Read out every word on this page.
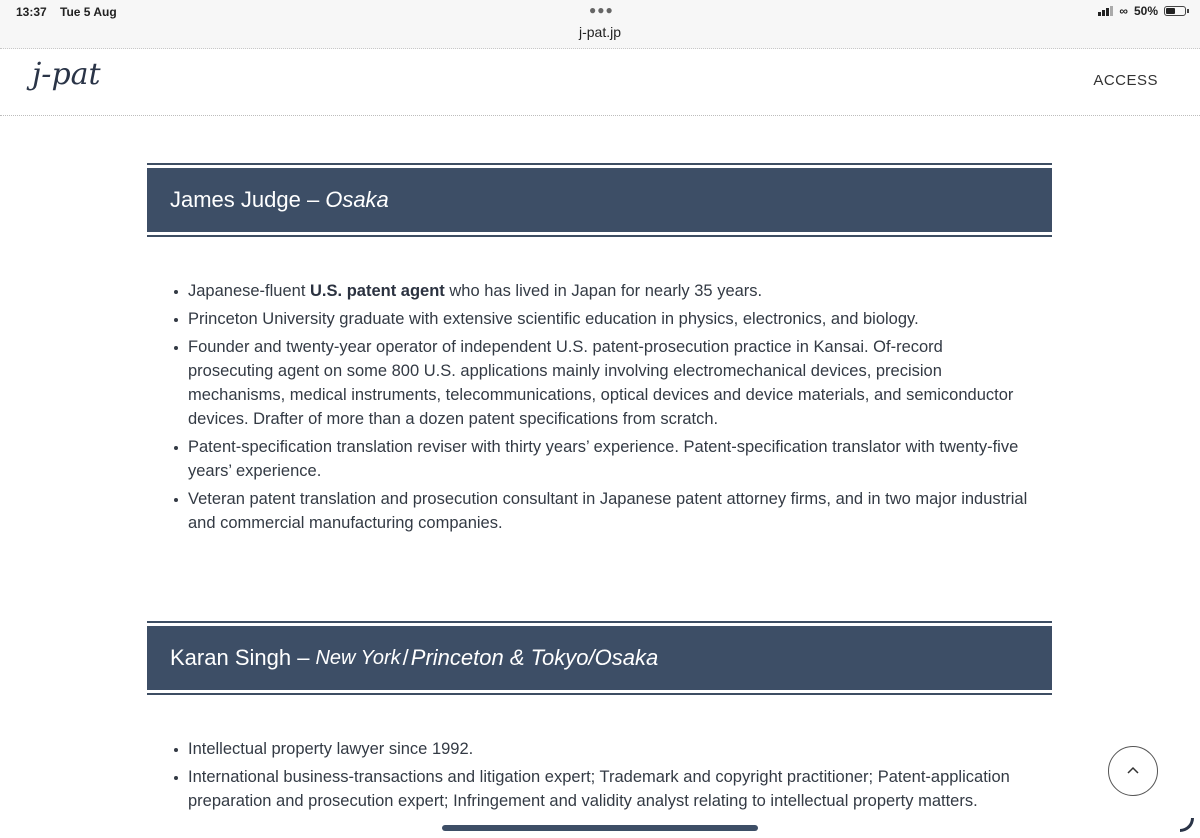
13:37 Tue 5 Aug	●●●
j-pat.jp
∞ 50%
j-pat	ACCESS
James Judge – Osaka
Japanese-fluent U.S. patent agent who has lived in Japan for nearly 35 years.
Princeton University graduate with extensive scientific education in physics, electronics, and biology.
Founder and twenty-year operator of independent U.S. patent-prosecution practice in Kansai. Of-record prosecuting agent on some 800 U.S. applications mainly involving electromechanical devices, precision mechanisms, medical instruments, telecommunications, optical devices and device materials, and semiconductor devices. Drafter of more than a dozen patent specifications from scratch.
Patent-specification translation reviser with thirty years’ experience. Patent-specification translator with twenty-five years’ experience.
Veteran patent translation and prosecution consultant in Japanese patent attorney firms, and in two major industrial and commercial manufacturing companies.
Karan Singh – New York / Princeton & Tokyo/Osaka
Intellectual property lawyer since 1992.
International business-transactions and litigation expert; Trademark and copyright practitioner; Patent-application preparation and prosecution expert; Infringement and validity analyst relating to intellectual property matters.
